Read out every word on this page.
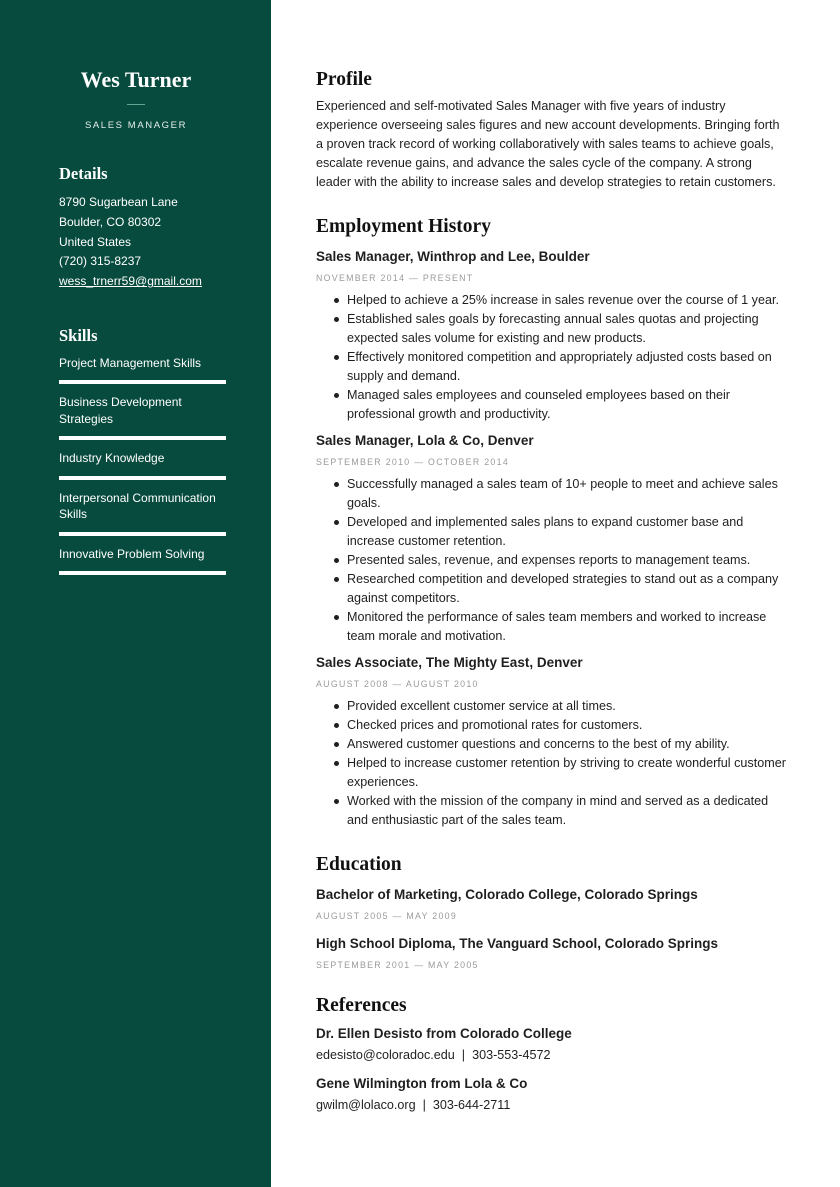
Wes Turner
SALES MANAGER
Details
8790 Sugarbean Lane
Boulder, CO 80302
United States
(720) 315-8237
wess_trnerr59@gmail.com
Skills
Project Management Skills
Business Development Strategies
Industry Knowledge
Interpersonal Communication Skills
Innovative Problem Solving
Profile

Experienced and self-motivated Sales Manager with five years of industry experience overseeing sales figures and new account developments. Bringing forth a proven track record of working collaboratively with sales teams to achieve goals, escalate revenue gains, and advance the sales cycle of the company. A strong leader with the ability to increase sales and develop strategies to retain customers.

Employment History
Sales Manager, Winthrop and Lee, Boulder
NOVEMBER 2014 — PRESENT
Helped to achieve a 25% increase in sales revenue over the course of 1 year.
Established sales goals by forecasting annual sales quotas and projecting expected sales volume for existing and new products.
Effectively monitored competition and appropriately adjusted costs based on supply and demand.
Managed sales employees and counseled employees based on their professional growth and productivity.
Sales Manager, Lola & Co, Denver
SEPTEMBER 2010 — OCTOBER 2014
Successfully managed a sales team of 10+ people to meet and achieve sales goals.
Developed and implemented sales plans to expand customer base and increase customer retention.
Presented sales, revenue, and expenses reports to management teams.
Researched competition and developed strategies to stand out as a company against competitors.
Monitored the performance of sales team members and worked to increase team morale and motivation.
Sales Associate, The Mighty East, Denver
AUGUST 2008 — AUGUST 2010
Provided excellent customer service at all times.
Checked prices and promotional rates for customers.
Answered customer questions and concerns to the best of my ability.
Helped to increase customer retention by striving to create wonderful customer experiences.
Worked with the mission of the company in mind and served as a dedicated and enthusiastic part of the sales team.
Education
Bachelor of Marketing, Colorado College, Colorado Springs
AUGUST 2005 — MAY 2009
High School Diploma, The Vanguard School, Colorado Springs
SEPTEMBER 2001 — MAY 2005
References
Dr. Ellen Desisto from Colorado College
edesisto@coloradoc.edu  |  303-553-4572
Gene Wilmington from Lola & Co
gwilm@lolaco.org  |  303-644-2711
